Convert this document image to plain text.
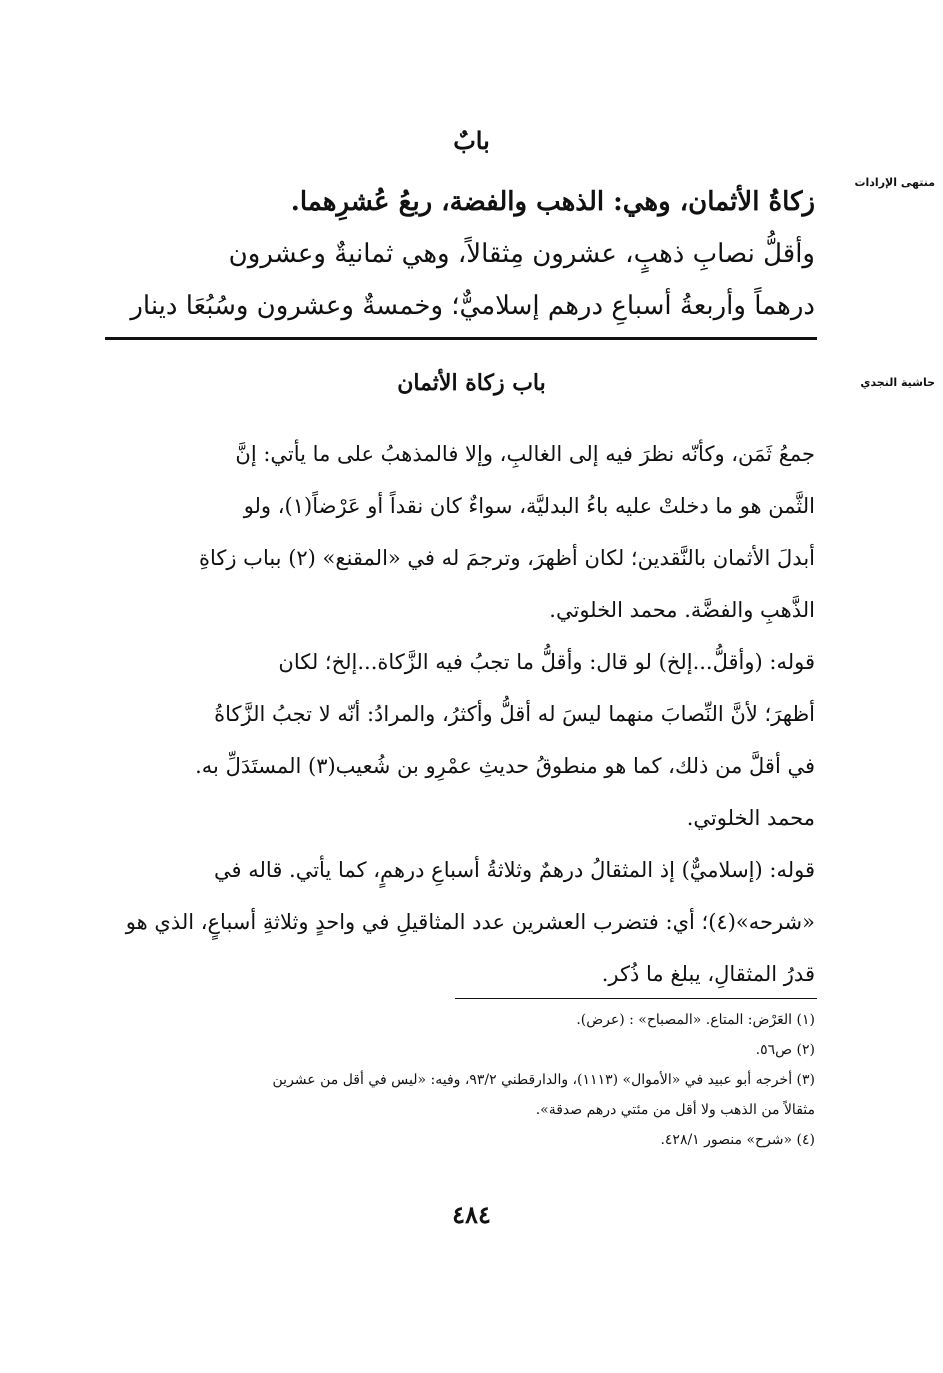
منتهى الإرادات
حاشية النجدي
بابٌ
زكاةُ الأثمان، وهي: الذهب والفضة، ربعُ عُشرِهما.
وأقلُّ نصابِ ذهبٍ، عشرون مِثقالاً، وهي ثمانيةٌ وعشرون
درهماً وأربعةُ أسباعِ درهم إسلاميٌّ؛ وخمسةٌ وعشرون وسُبُعَا دينار
باب زكاة الأثمان
جمعُ ثَمَن، وكأنّه نظرَ فيه إلى الغالبِ، وإلا فالمذهبُ على ما يأتي: إنَّ
الثَّمن هو ما دخلتْ عليه باءُ البدليَّة، سواءٌ كان نقداً أو عَرْضاً(١)، ولو
أبدلَ الأثمان بالنَّقدين؛ لكان أظهرَ، وترجمَ له في «المقنع» (٢) بباب زكاةِ
الذَّهبِ والفضَّة. محمد الخلوتي.
قوله: (وأقلُّ...إلخ) لو قال: وأقلُّ ما تجبُ فيه الزَّكاة...إلخ؛ لكان
أظهرَ؛ لأنَّ النِّصابَ منهما ليسَ له أقلُّ وأكثرُ، والمرادُ: أنّه لا تجبُ الزَّكاةُ
في أقلَّ من ذلك، كما هو منطوقُ حديثِ عمْرِو بن شُعيب(٣) المستَدَلِّ به.
محمد الخلوتي.
قوله: (إسلاميٌّ) إذ المثقالُ درهمٌ وثلاثةُ أسباعِ درهمٍ، كما يأتي. قاله في
«شرحه»(٤)؛ أي: فتضرب العشرين عدد المثاقيلِ في واحدٍ وثلاثةِ أسباعٍ، الذي هو
قدرُ المثقالِ، يبلغ ما ذُكر.
(١) العَرْض: المتاع. «المصباح» : (عرض).
(٢) ص٥٦.
(٣) أخرجه أبو عبيد في «الأموال» (١١١٣)، والدارقطني ٩٣/٢، وفيه: «ليس في أقل من عشرين
مثقالاً من الذهب ولا أقل من مئتي درهم صدقة».
(٤) «شرح» منصور ٤٢٨/١.
٤٨٤
